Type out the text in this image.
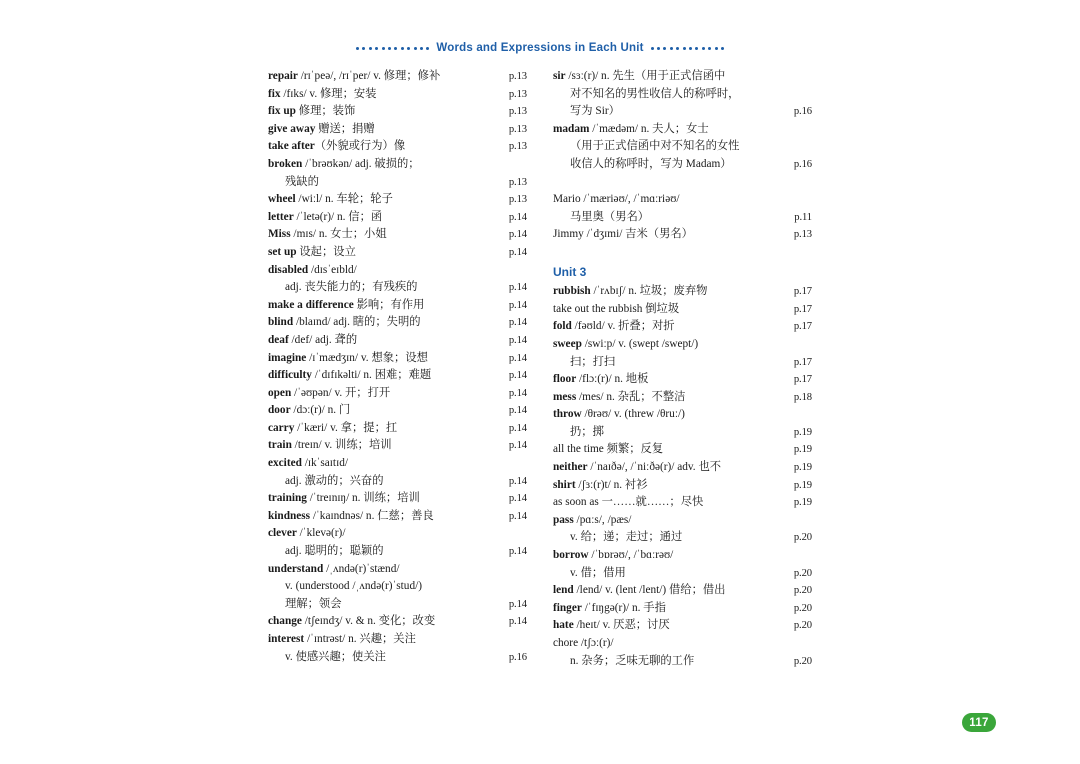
Words and Expressions in Each Unit
repair /rɪˈpeə/, /rɪˈper/ v. 修理；修补	p.13
fix /fɪks/ v. 修理；安装	p.13
fix up 修理；装饰	p.13
give away 赠送；捐赠	p.13
take after（外貌或行为）像	p.13
broken /ˈbrəʊkən/ adj. 破损的；
残缺的	p.13
wheel /wiːl/ n. 车轮；轮子	p.13
letter /ˈletə(r)/ n. 信；函	p.14
Miss /mɪs/ n. 女士；小姐	p.14
set up 设起；设立	p.14
disabled /dɪsˈeɪbld/
adj. 丧失能力的；有残疾的	p.14
make a difference 影响；有作用	p.14
blind /blaɪnd/ adj. 瞎的；失明的	p.14
deaf /def/ adj. 聋的	p.14
imagine /ɪˈmædʒɪn/ v. 想象；设想	p.14
difficulty /ˈdɪfɪkəlti/ n. 困难；难题	p.14
open /ˈəʊpən/ v. 开；打开	p.14
door /dɔː(r)/ n. 门	p.14
carry /ˈkæri/ v. 拿；提；扛	p.14
train /treɪn/ v. 训练；培训	p.14
excited /ɪkˈsaɪtɪd/
adj. 激动的；兴奋的	p.14
training /ˈtreɪnɪŋ/ n. 训练；培训	p.14
kindness /ˈkaɪndnəs/ n. 仁慈；善良	p.14
clever /ˈklevə(r)/
adj. 聪明的；聪颖的	p.14
understand /ˌʌndə(r)ˈstænd/
v. (understood /ˌʌndə(r)ˈstud/)
理解；领会	p.14
change /tʃeɪndʒ/ v. & n. 变化；改变	p.14
interest /ˈɪntrəst/ n. 兴趣；关注
v. 使感兴趣；使关注	p.16
sir /sɜː(r)/ n. 先生（用于正式信函中
对不知名的男性收信人的称呼时，
写为 Sir）	p.16
madam /ˈmædəm/ n. 夫人；女士
（用于正式信函中对不知名的女性
收信人的称呼时，写为 Madam）	p.16
Mario /ˈmæriəʊ/, /ˈmɑːriəʊ/
马里奥（男名）	p.11
Jimmy /ˈdʒɪmi/ 吉米（男名）	p.13
Unit 3
rubbish /ˈrʌbɪʃ/ n. 垃圾；废弃物	p.17
take out the rubbish 倒垃圾	p.17
fold /fəʊld/ v. 折叠；对折	p.17
sweep /swiːp/ v. (swept /swept/)
扫；打扫	p.17
floor /flɔː(r)/ n. 地板	p.17
mess /mes/ n. 杂乱；不整洁	p.18
throw /θrəʊ/ v. (threw /θruː/)
扔；掷	p.19
all the time 频繁；反复	p.19
neither /ˈnaɪðə/, /ˈniːðə(r)/ adv. 也不	p.19
shirt /ʃɜː(r)t/ n. 衬衫	p.19
as soon as 一……就……；尽快	p.19
pass /pɑːs/, /pæs/
v. 给；递；走过；通过	p.20
borrow /ˈbɒrəʊ/, /ˈbɑːrəʊ/
v. 借；借用	p.20
lend /lend/ v. (lent /lent/) 借给；借出	p.20
finger /ˈfɪŋgə(r)/ n. 手指	p.20
hate /heɪt/ v. 厌恶；讨厌	p.20
chore /tʃɔː(r)/
n. 杂务；乏味无聊的工作	p.20
117
